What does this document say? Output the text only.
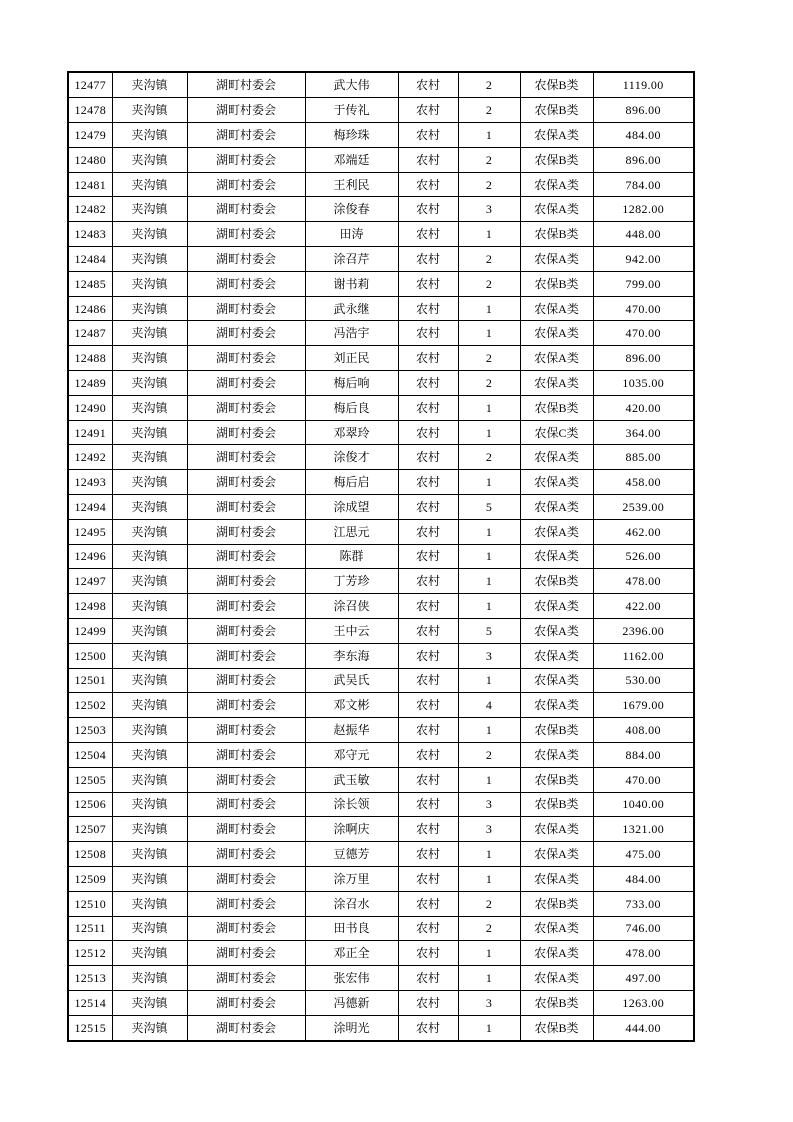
12477	夹沟镇	湖町村委会	武大伟	农村	2	农保B类	1119.00
12478	夹沟镇	湖町村委会	于传礼	农村	2	农保B类	896.00
12479	夹沟镇	湖町村委会	梅珍珠	农村	1	农保A类	484.00
12480	夹沟镇	湖町村委会	邓端廷	农村	2	农保B类	896.00
12481	夹沟镇	湖町村委会	王利民	农村	2	农保A类	784.00
12482	夹沟镇	湖町村委会	涂俊春	农村	3	农保A类	1282.00
12483	夹沟镇	湖町村委会	田涛	农村	1	农保B类	448.00
12484	夹沟镇	湖町村委会	涂召芹	农村	2	农保A类	942.00
12485	夹沟镇	湖町村委会	谢书莉	农村	2	农保B类	799.00
12486	夹沟镇	湖町村委会	武永继	农村	1	农保A类	470.00
12487	夹沟镇	湖町村委会	冯浩宇	农村	1	农保A类	470.00
12488	夹沟镇	湖町村委会	刘正民	农村	2	农保A类	896.00
12489	夹沟镇	湖町村委会	梅后响	农村	2	农保A类	1035.00
12490	夹沟镇	湖町村委会	梅后良	农村	1	农保B类	420.00
12491	夹沟镇	湖町村委会	邓翠玲	农村	1	农保C类	364.00
12492	夹沟镇	湖町村委会	涂俊才	农村	2	农保A类	885.00
12493	夹沟镇	湖町村委会	梅后启	农村	1	农保A类	458.00
12494	夹沟镇	湖町村委会	涂成望	农村	5	农保A类	2539.00
12495	夹沟镇	湖町村委会	江思元	农村	1	农保A类	462.00
12496	夹沟镇	湖町村委会	陈群	农村	1	农保A类	526.00
12497	夹沟镇	湖町村委会	丁芳珍	农村	1	农保B类	478.00
12498	夹沟镇	湖町村委会	涂召侠	农村	1	农保A类	422.00
12499	夹沟镇	湖町村委会	王中云	农村	5	农保A类	2396.00
12500	夹沟镇	湖町村委会	李东海	农村	3	农保A类	1162.00
12501	夹沟镇	湖町村委会	武吴氏	农村	1	农保A类	530.00
12502	夹沟镇	湖町村委会	邓文彬	农村	4	农保A类	1679.00
12503	夹沟镇	湖町村委会	赵振华	农村	1	农保B类	408.00
12504	夹沟镇	湖町村委会	邓守元	农村	2	农保A类	884.00
12505	夹沟镇	湖町村委会	武玉敏	农村	1	农保B类	470.00
12506	夹沟镇	湖町村委会	涂长领	农村	3	农保B类	1040.00
12507	夹沟镇	湖町村委会	涂啊庆	农村	3	农保A类	1321.00
12508	夹沟镇	湖町村委会	豆德芳	农村	1	农保A类	475.00
12509	夹沟镇	湖町村委会	涂万里	农村	1	农保A类	484.00
12510	夹沟镇	湖町村委会	涂召水	农村	2	农保B类	733.00
12511	夹沟镇	湖町村委会	田书良	农村	2	农保A类	746.00
12512	夹沟镇	湖町村委会	邓正全	农村	1	农保A类	478.00
12513	夹沟镇	湖町村委会	张宏伟	农村	1	农保A类	497.00
12514	夹沟镇	湖町村委会	冯德新	农村	3	农保B类	1263.00
12515	夹沟镇	湖町村委会	涂明光	农村	1	农保B类	444.00
